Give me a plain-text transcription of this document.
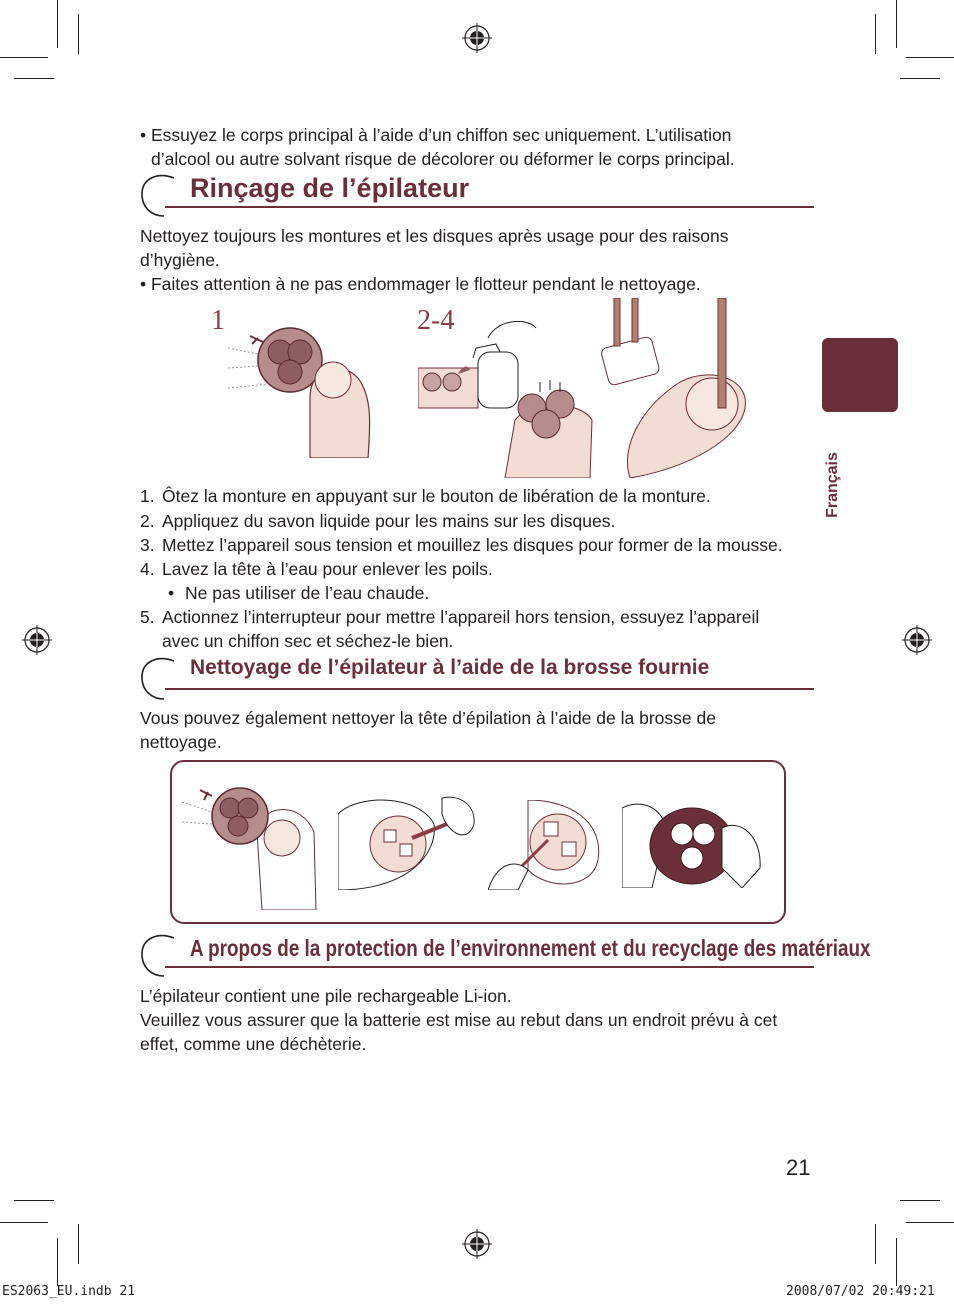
• Essuyez le corps principal à l’aide d’un chiffon sec uniquement. L’utilisation
d’alcool ou autre solvant risque de décolorer ou déformer le corps principal.
Rinçage de l’épilateur
Nettoyez toujours les montures et les disques après usage pour des raisons
d’hygiène.
• Faites attention à ne pas endommager le flotteur pendant le nettoyage.
1	2-4
1. Ôtez la monture en appuyant sur le bouton de libération de la monture.
2. Appliquez du savon liquide pour les mains sur les disques.
3. Mettez l’appareil sous tension et mouillez les disques pour former de la mousse.
4. Lavez la tête à l’eau pour enlever les poils.
• Ne pas utiliser de l’eau chaude.
5. Actionnez l’interrupteur pour mettre l’appareil hors tension, essuyez l’appareil
avec un chiffon sec et séchez-le bien.
Nettoyage de l’épilateur à l’aide de la brosse fournie
Vous pouvez également nettoyer la tête d’épilation à l’aide de la brosse de
nettoyage.
A propos de la protection de l’environnement et du recyclage des matériaux
L’épilateur contient une pile rechargeable Li-ion.
Veuillez vous assurer que la batterie est mise au rebut dans un endroit prévu à cet
effet, comme une déchèterie.
Français
21
ES2063_EU.indb 21	2008/07/02 20:49:21
